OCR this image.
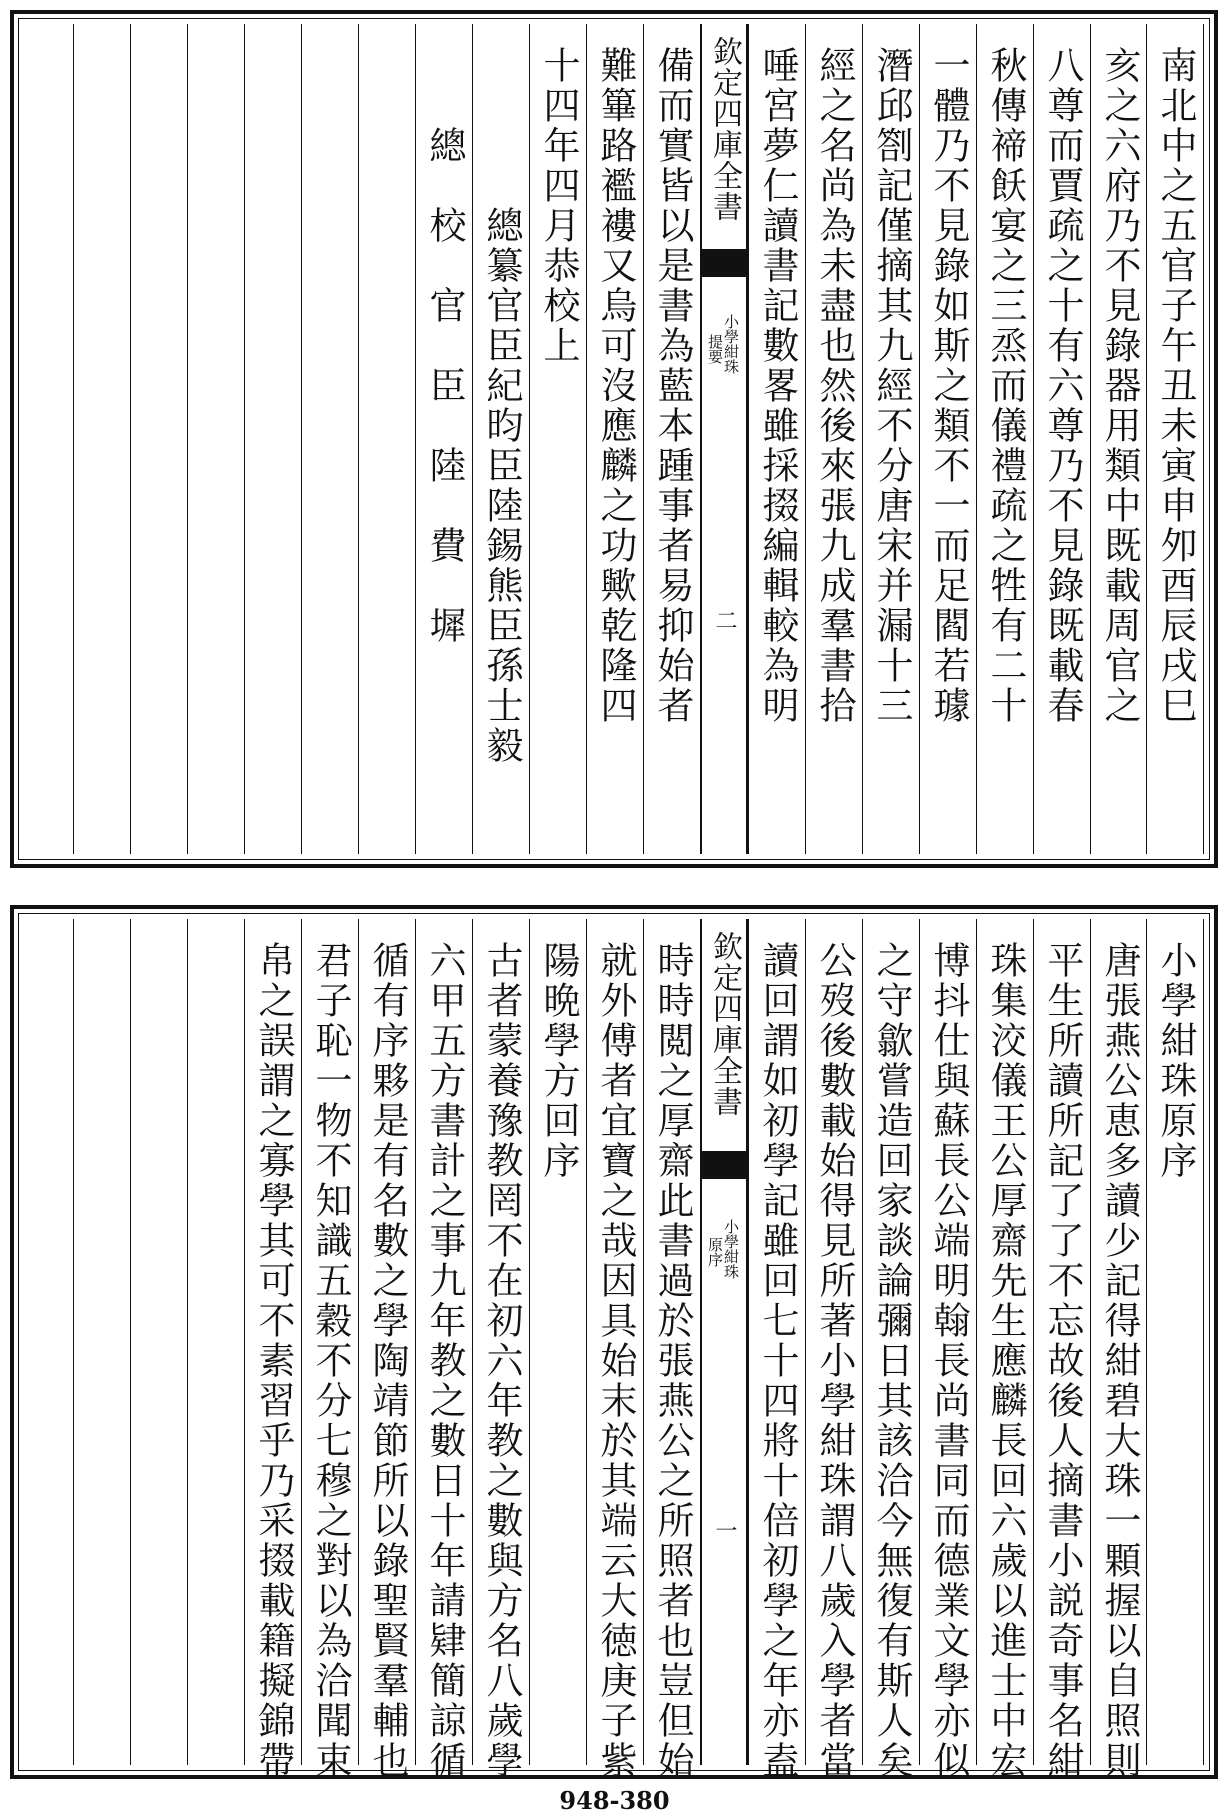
南北中之五官子午丑未寅申夘酉辰戌巳
亥之六府乃不見錄器用類中既載周官之
八尊而賈疏之十有六尊乃不見錄既載春
秋傳禘飫宴之三烝而儀禮疏之牲有二十
一體乃不見錄如斯之類不一而足閻若璩
潛邱劄記僅摘其九經不分唐宋并漏十三
經之名尚為未盡也然後來張九成羣書拾
唾宮夢仁讀書記數畧雖採掇編輯較為明
欽定四庫全書
小學紺珠
提要
二
備而實皆以是書為藍本踵事者易抑始者
難篳路襤褸又烏可沒應麟之功歟乾隆四
十四年四月恭校上
　　　　總纂官臣紀昀臣陸錫熊臣孫士毅
　　總　校　官　臣　陸　費　墀
小學紺珠原序
唐張燕公恵多讀少記得紺碧大珠一顆握以自照則
平生所讀所記了了不忘故後人摘書小説奇事名紺
珠集洨儀王公厚齋先生應麟長回六歲以進士中宏
博抖仕與蘇長公端明翰長尚書同而德業文學亦似
之守歙嘗造回家談論彌日其該洽今無復有斯人矣
公歿後數載始得見所著小學紺珠謂八歲入學者當
讀回謂如初學記雖回七十四將十倍初學之年亦盍
欽定四庫全書
小學紺珠
原序
一
時時閲之厚齋此書過於張燕公之所照者也豈但始
就外傅者宜寶之哉因具始末於其端云大徳庚子紫
陽晩學方回序
古者蒙養豫教罔不在初六年教之數與方名八歲學
六甲五方書計之事九年教之數日十年請肄簡諒循
循有序夥是有名數之學陶靖節所以錄聖賢羣輔也
君子恥一物不知識五穀不分七穆之對以為洽聞束
帛之誤謂之寡學其可不素習乎乃采掇載籍擬錦帶
948-380
